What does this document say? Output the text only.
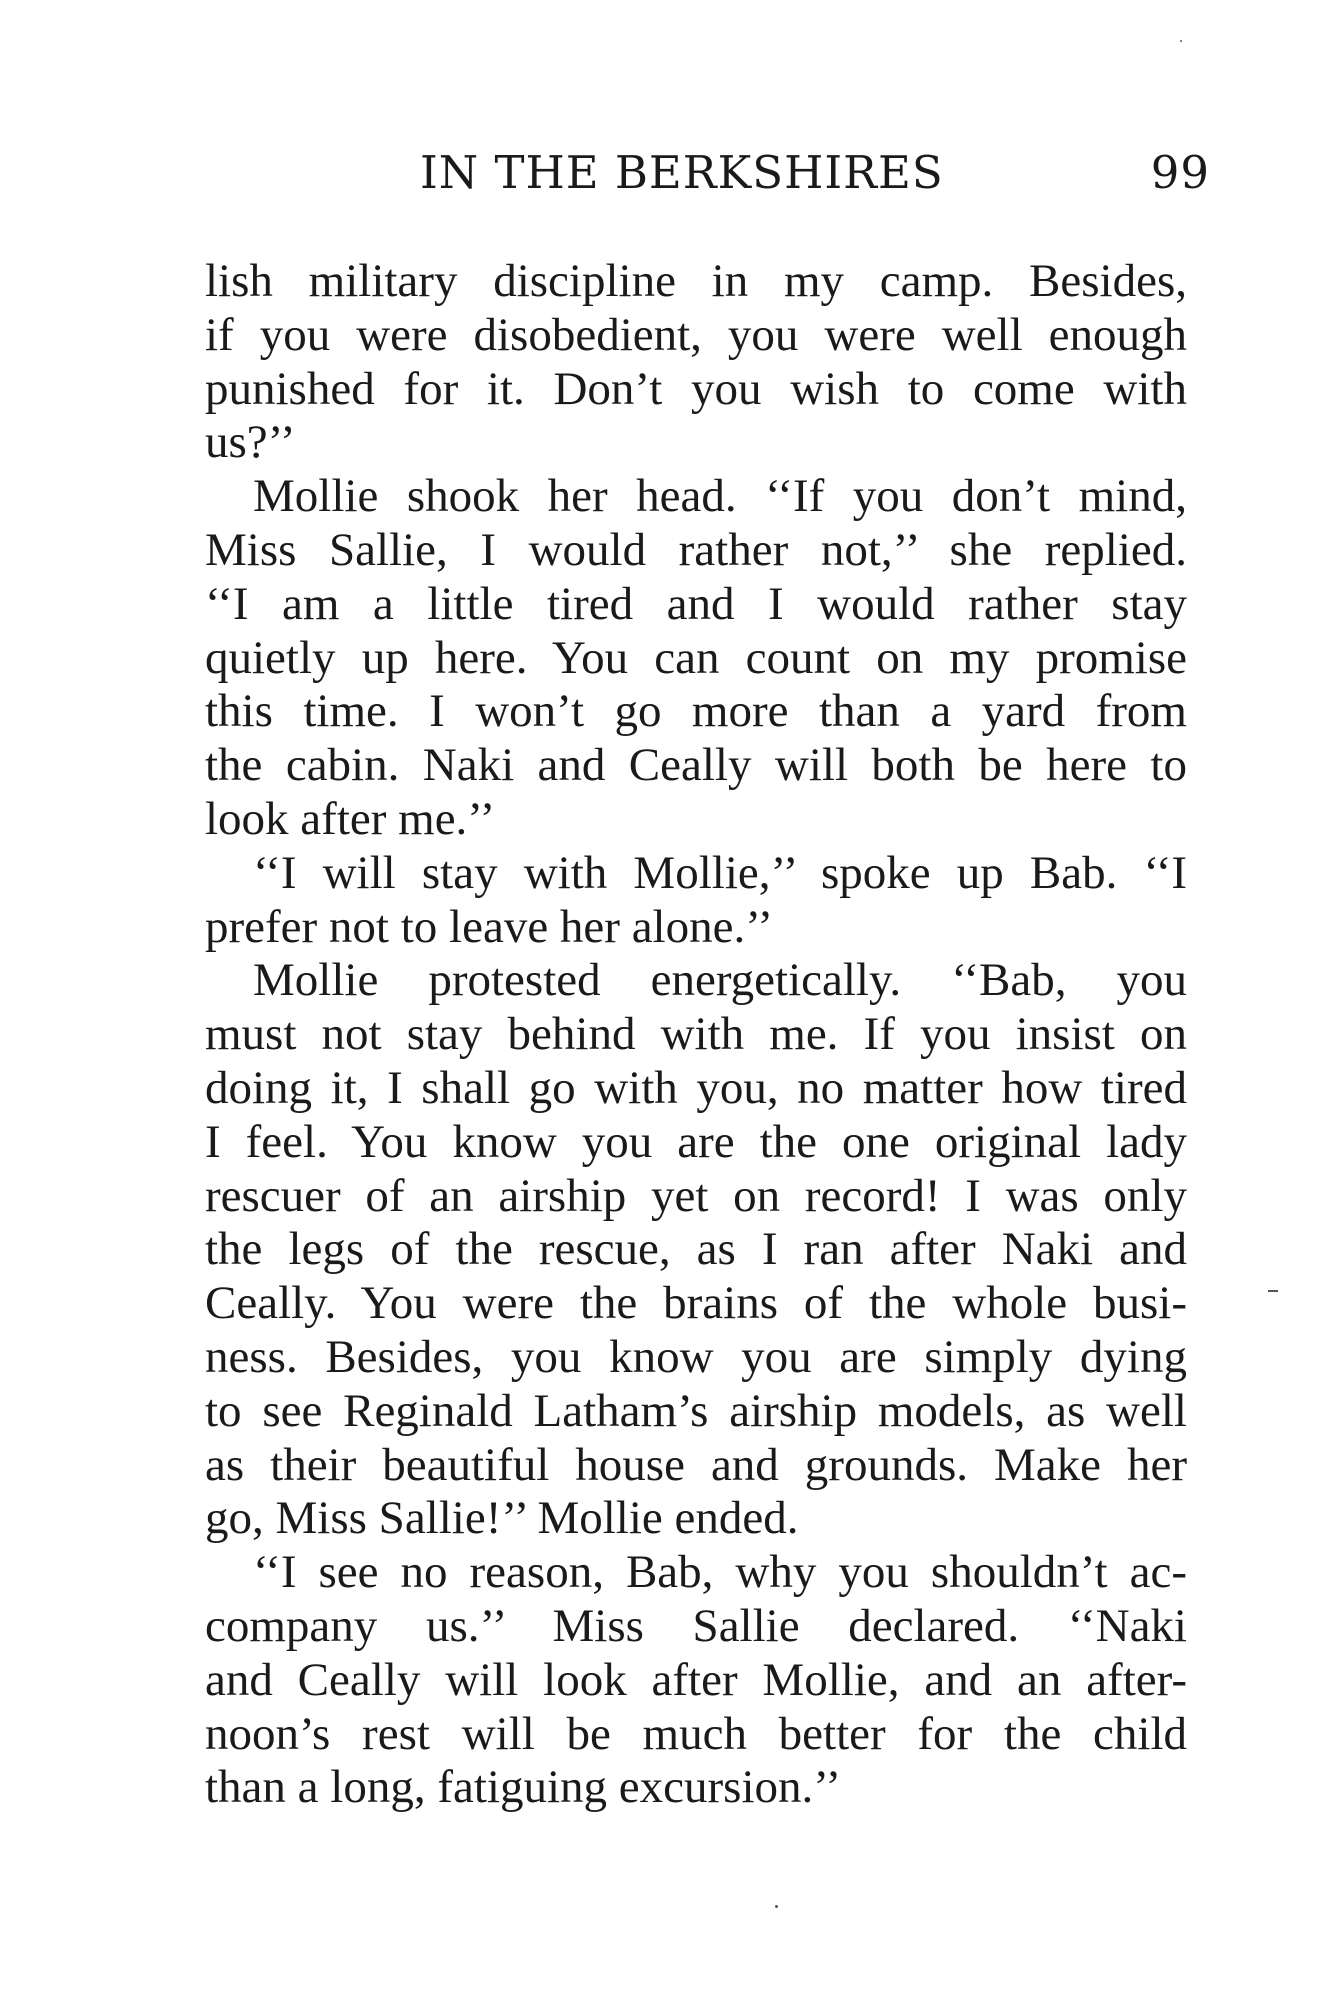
IN THE BERKSHIRES	99
lish military discipline in my camp. Besides,
if you were disobedient, you were well enough
punished for it. Don’t you wish to come with
us?’’
Mollie shook her head. ‘‘If you don’t mind,
Miss Sallie, I would rather not,’’ she replied.
‘‘I am a little tired and I would rather stay
quietly up here. You can count on my promise
this time. I won’t go more than a yard from
the cabin. Naki and Ceally will both be here to
look after me.’’
‘‘I will stay with Mollie,’’ spoke up Bab. ‘‘I
prefer not to leave her alone.’’
Mollie protested energetically. ‘‘Bab, you
must not stay behind with me. If you insist on
doing it, I shall go with you, no matter how tired
I feel. You know you are the one original lady
rescuer of an airship yet on record! I was only
the legs of the rescue, as I ran after Naki and
Ceally. You were the brains of the whole busi-
ness. Besides, you know you are simply dying
to see Reginald Latham’s airship models, as well
as their beautiful house and grounds. Make her
go, Miss Sallie!’’ Mollie ended.
‘‘I see no reason, Bab, why you shouldn’t ac-
company us.’’ Miss Sallie declared. ‘‘Naki
and Ceally will look after Mollie, and an after-
noon’s rest will be much better for the child
than a long, fatiguing excursion.’’
